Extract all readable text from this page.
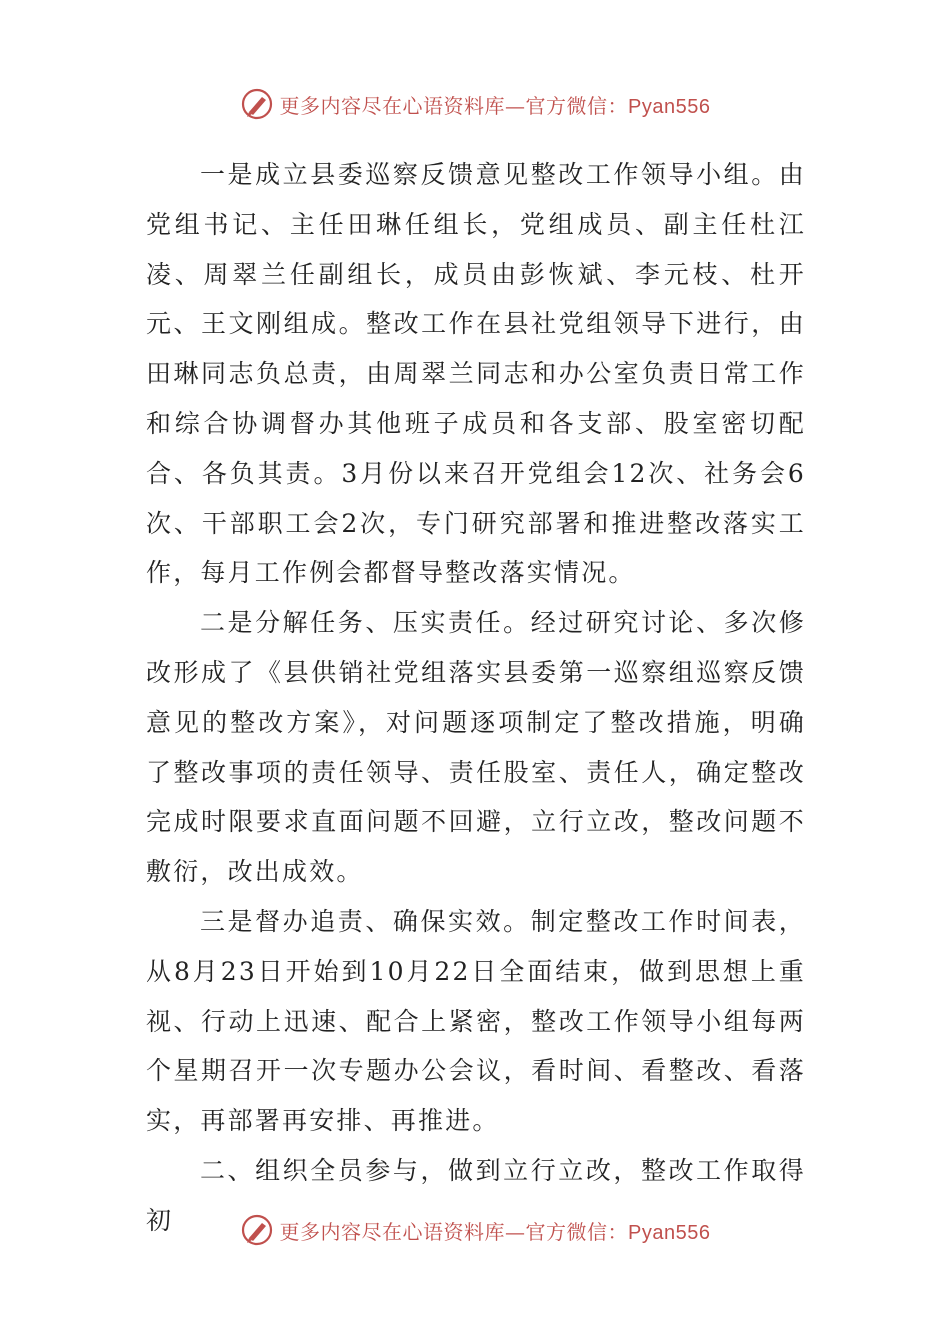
更多内容尽在心语资料库—官方微信：Pyan556

一是成立县委巡察反馈意见整改工作领导小组。由党组书记、主任田琳任组长，党组成员、副主任杜江凌、周翠兰任副组长，成员由彭恢斌、李元枝、杜开元、王文刚组成。整改工作在县社党组领导下进行，由田琳同志负总责，由周翠兰同志和办公室负责日常工作和综合协调督办其他班子成员和各支部、股室密切配合、各负其责。3月份以来召开党组会12次、社务会6次、干部职工会2次，专门研究部署和推进整改落实工作，每月工作例会都督导整改落实情况。

二是分解任务、压实责任。经过研究讨论、多次修改形成了《县供销社党组落实县委第一巡察组巡察反馈意见的整改方案》，对问题逐项制定了整改措施，明确了整改事项的责任领导、责任股室、责任人，确定整改完成时限要求直面问题不回避，立行立改，整改问题不敷衍，改出成效。

三是督办追责、确保实效。制定整改工作时间表，从8月23日开始到10月22日全面结束，做到思想上重视、行动上迅速、配合上紧密，整改工作领导小组每两个星期召开一次专题办公会议，看时间、看整改、看落实，再部署再安排、再推进。

二、组织全员参与，做到立行立改，整改工作取得初	更多内容尽在心语资料库—官方微信：Pyan556
